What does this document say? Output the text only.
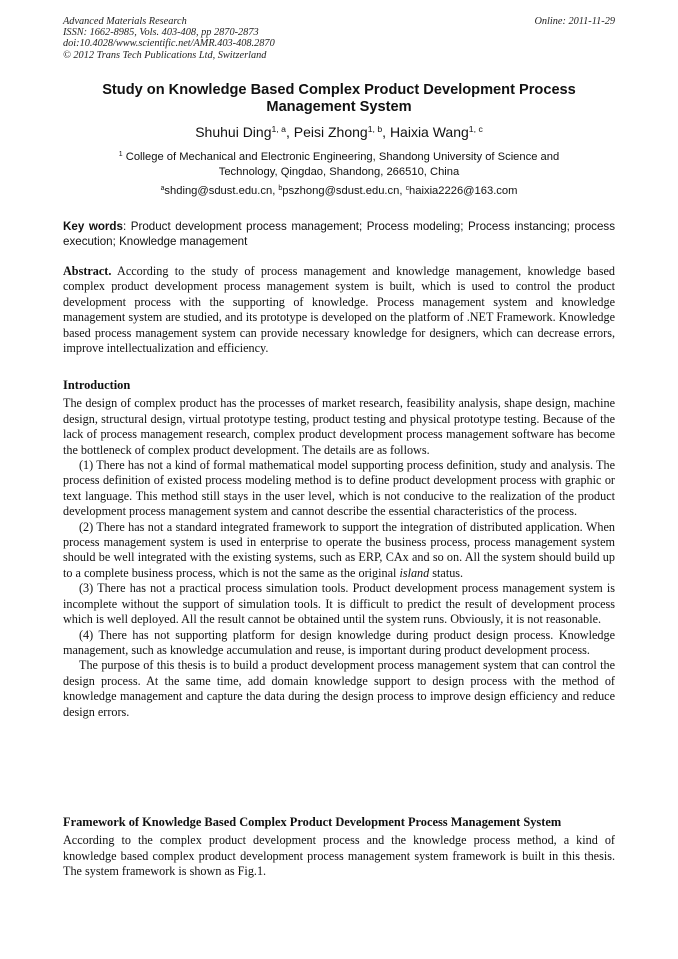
Advanced Materials Research
ISSN: 1662-8985, Vols. 403-408, pp 2870-2873
doi:10.4028/www.scientific.net/AMR.403-408.2870
© 2012 Trans Tech Publications Ltd, Switzerland
Online: 2011-11-29
Study on Knowledge Based Complex Product Development Process
Management System
Shuhui Ding$^{1, a}$, Peisi Zhong$^{1, b}$, Haixia Wang$^{1, c}$
$^1$ College of Mechanical and Electronic Engineering, Shandong University of Science and
Technology, Qingdao, Shandong, 266510, China
$^a$shding@sdust.edu.cn, $^b$pszhong@sdust.edu.cn, $^c$haixia2226@163.com
Key words: Product development process management; Process modeling; Process instancing; process execution; Knowledge management

Abstract. According to the study of process management and knowledge management, knowledge based complex product development process management system is built, which is used to control the product development process with the supporting of knowledge. Process management system and knowledge management system are studied, and its prototype is developed on the platform of .NET Framework. Knowledge based process management system can provide necessary knowledge for designers, which can decrease errors, improve intellectualization and efficiency.

Introduction

The design of complex product has the processes of market research, feasibility analysis, shape design, machine design, structural design, virtual prototype testing, product testing and physical prototype testing. Because of the lack of process management research, complex product development process management software has become the bottleneck of complex product development. The details are as follows.

(1) There has not a kind of formal mathematical model supporting process definition, study and analysis. The process definition of existed process modeling method is to define product development process with graphic or text language. This method still stays in the user level, which is not conducive to the realization of the product development process management system and cannot describe the essential characteristics of the process.

(2) There has not a standard integrated framework to support the integration of distributed application. When process management system is used in enterprise to operate the business process, process management system should be well integrated with the existing systems, such as ERP, CAx and so on. All the system should build up to a complete business process, which is not the same as the original island status.

(3) There has not a practical process simulation tools. Product development process management system is incomplete without the support of simulation tools. It is difficult to predict the result of development process which is well deployed. All the result cannot be obtained until the system runs. Obviously, it is not reasonable.

(4) There has not supporting platform for design knowledge during product design process. Knowledge management, such as knowledge accumulation and reuse, is important during product development process.

The purpose of this thesis is to build a product development process management system that can control the design process. At the same time, add domain knowledge support to design process with the method of knowledge management and capture the data during the design process to improve design efficiency and reduce design errors.

Framework of Knowledge Based Complex Product Development Process Management System

According to the complex product development process and the knowledge process method, a kind of knowledge based complex product development process management system framework is built in this thesis. The system framework is shown as Fig.1.
